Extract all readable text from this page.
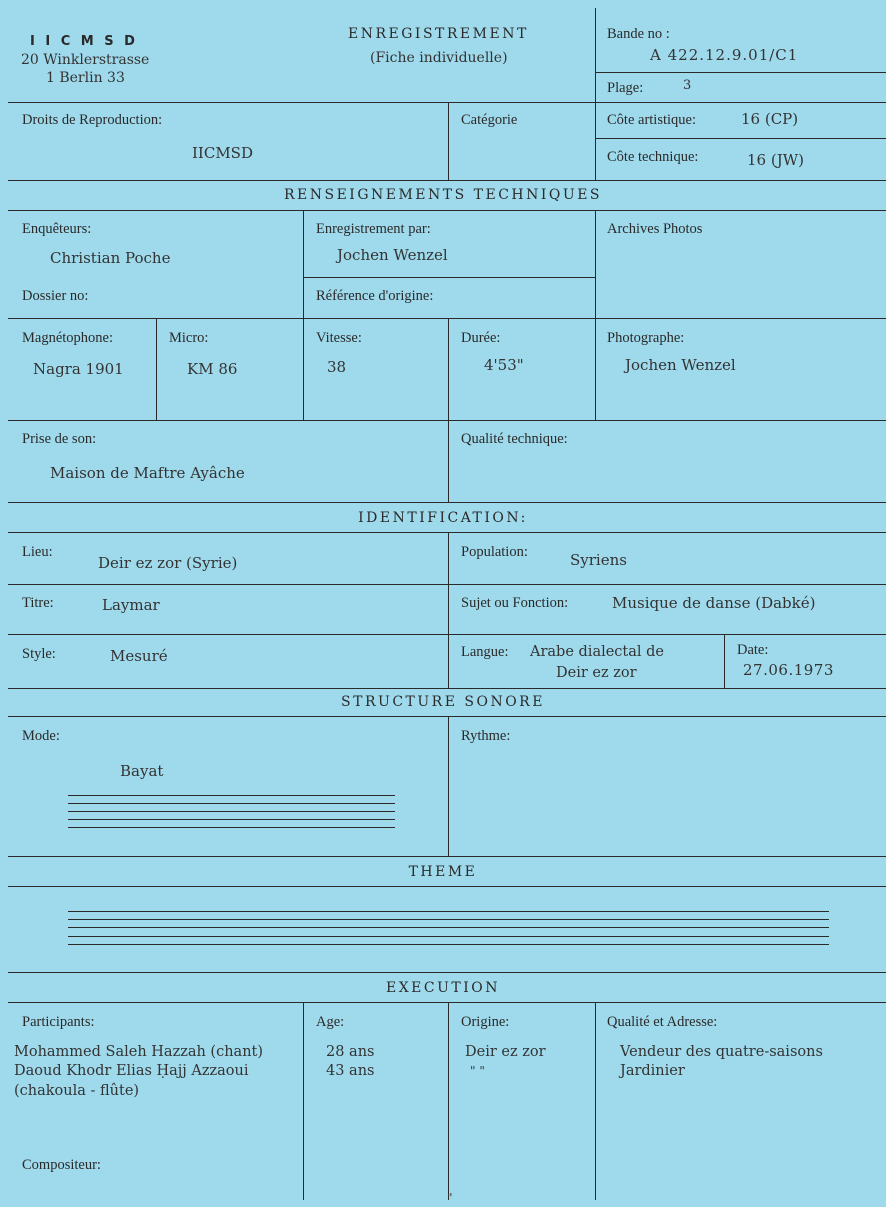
I I C M S D
20 Winklerstrasse
1 Berlin 33
ENREGISTREMENT
(Fiche individuelle)
Bande no :
A 422.12.9.01/C1
Plage:	3
Droits de Reproduction:
IICMSD
Catégorie	Côte artistique:	16 (CP)
Côte technique:	16 (JW)
RENSEIGNEMENTS TECHNIQUES
Enquêteurs:
Christian Poche
Enregistrement par:
Jochen Wenzel
Archives Photos
Dossier no:	Référence d'origine:
Magnétophone:
Nagra 1901
Micro:
KM 86
Vitesse:
38
Durée:
4'53"
Photographe:
Jochen Wenzel
Prise de son:
Maison de Maftre Ayâche
Qualité technique:
IDENTIFICATION:
Lieu:
Deir ez zor (Syrie)
Population:	Syriens
Titre:	Laymar	Sujet ou Fonction:	Musique de danse (Dabké)
Style:	Mesuré	Langue: Arabe dialectal de
Deir ez zor
Date:
27.06.1973
STRUCTURE SONORE
Mode:
Bayat
Rythme:
THEME
EXECUTION
Participants:	Age:	Origine:	Qualité et Adresse:
Mohammed Saleh Hazzah (chant)	28 ans	Deir ez zor	Vendeur des quatre-saisons
Daoud Khodr Elias Ḥajj Azzaoui	43 ans	" "	Jardinier
(chakoula - flûte)
Compositeur:
"
